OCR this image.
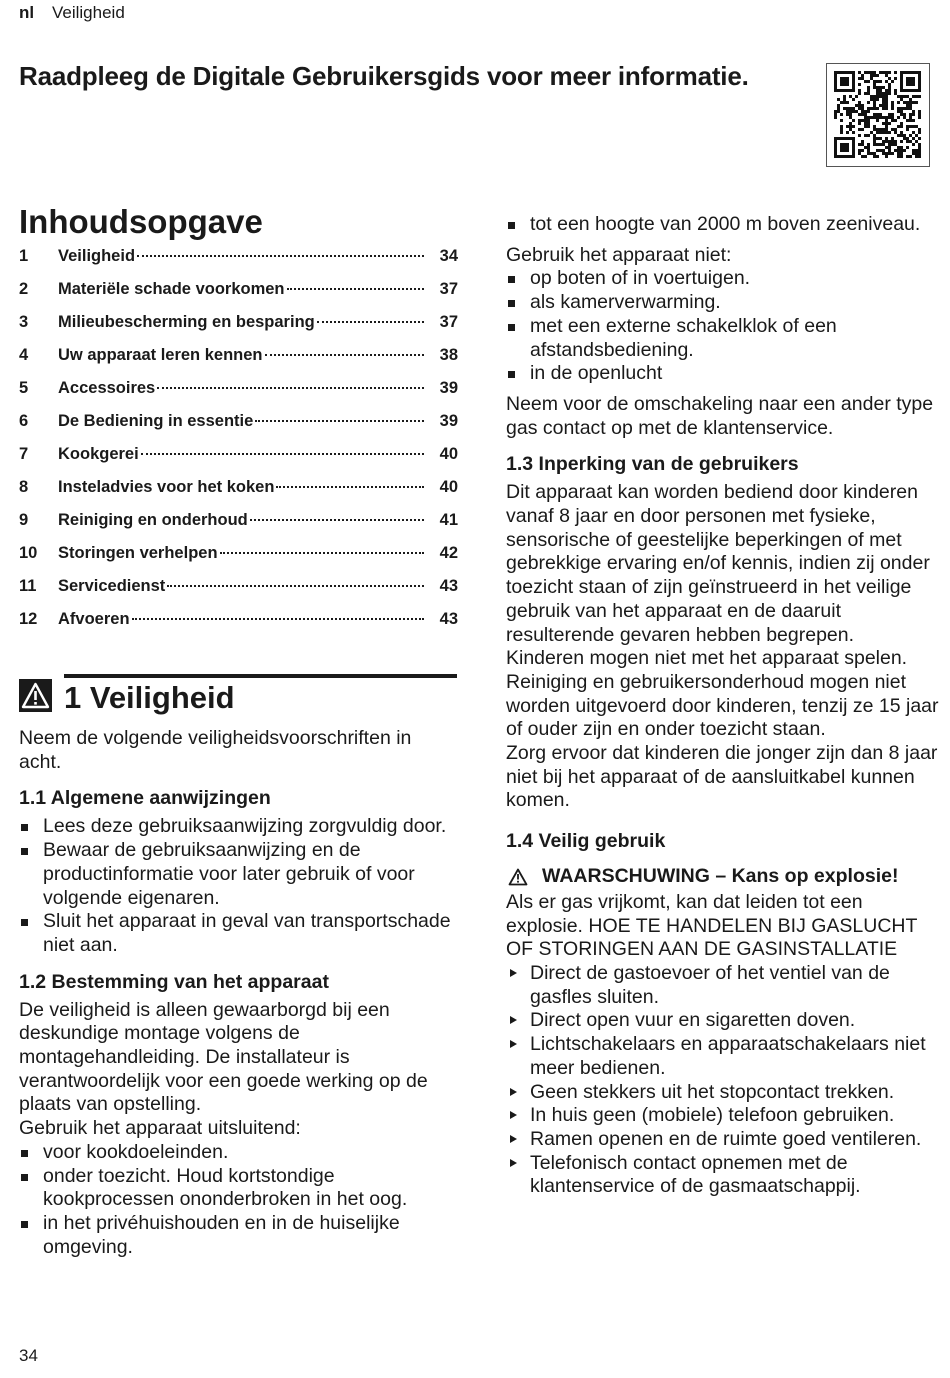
nl Veiligheid
Raadpleeg de Digitale Gebruikersgids voor meer informatie.
Inhoudsopgave
1	Veiligheid	34
2	Materiële schade voorkomen	37
3	Milieubescherming en besparing	37
4	Uw apparaat leren kennen	38
5	Accessoires	39
6	De Bediening in essentie	39
7	Kookgerei	40
8	Insteladvies voor het koken	40
9	Reiniging en onderhoud	41
10	Storingen verhelpen	42
11	Servicedienst	43
12	Afvoeren	43
1 Veiligheid

Neem de volgende veiligheidsvoorschriften in acht.

1.1 Algemene aanwijzingen
Lees deze gebruiksaanwijzing zorgvuldig door.
Bewaar de gebruiksaanwijzing en de productinformatie voor later gebruik of voor volgende eigenaren.
Sluit het apparaat in geval van transportschade niet aan.
1.2 Bestemming van het apparaat

De veiligheid is alleen gewaarborgd bij een deskundige montage volgens de montagehandleiding. De installateur is verantwoordelijk voor een goede werking op de plaats van opstelling.

Gebruik het apparaat uitsluitend:

voor kookdoeleinden.
onder toezicht. Houd kortstondige kookprocessen ononderbroken in het oog.
in het privéhuishouden en in de huiselijke omgeving.
tot een hoogte van 2000 m boven zeeniveau.

Gebruik het apparaat niet:

op boten of in voertuigen.
als kamerverwarming.
met een externe schakelklok of een afstandsbediening.
in de openlucht

Neem voor de omschakeling naar een ander type gas contact op met de klantenservice.

1.3 Inperking van de gebruikers

Dit apparaat kan worden bediend door kinderen vanaf 8 jaar en door personen met fysieke, sensorische of geestelijke beperkingen of met gebrekkige ervaring en/of kennis, indien zij onder toezicht staan of zijn geïnstrueerd in het veilige gebruik van het apparaat en de daaruit resulterende gevaren hebben begrepen.

Kinderen mogen niet met het apparaat spelen.

Reiniging en gebruikersonderhoud mogen niet worden uitgevoerd door kinderen, tenzij ze 15 jaar of ouder zijn en onder toezicht staan.

Zorg ervoor dat kinderen die jonger zijn dan 8 jaar niet bij het apparaat of de aansluitkabel kunnen komen.

1.4 Veilig gebruik
WAARSCHUWING – Kans op explosie!

Als er gas vrijkomt, kan dat leiden tot een explosie. HOE TE HANDELEN BIJ GASLUCHT OF STORINGEN AAN DE GASINSTALLATIE

Direct de gastoevoer of het ventiel van de gasfles sluiten.
Direct open vuur en sigaretten doven.
Lichtschakelaars en apparaatschakelaars niet meer bedienen.
Geen stekkers uit het stopcontact trekken.
In huis geen (mobiele) telefoon gebruiken.
Ramen openen en de ruimte goed ventileren.
Telefonisch contact opnemen met de klantenservice of de gasmaatschappij.
34
